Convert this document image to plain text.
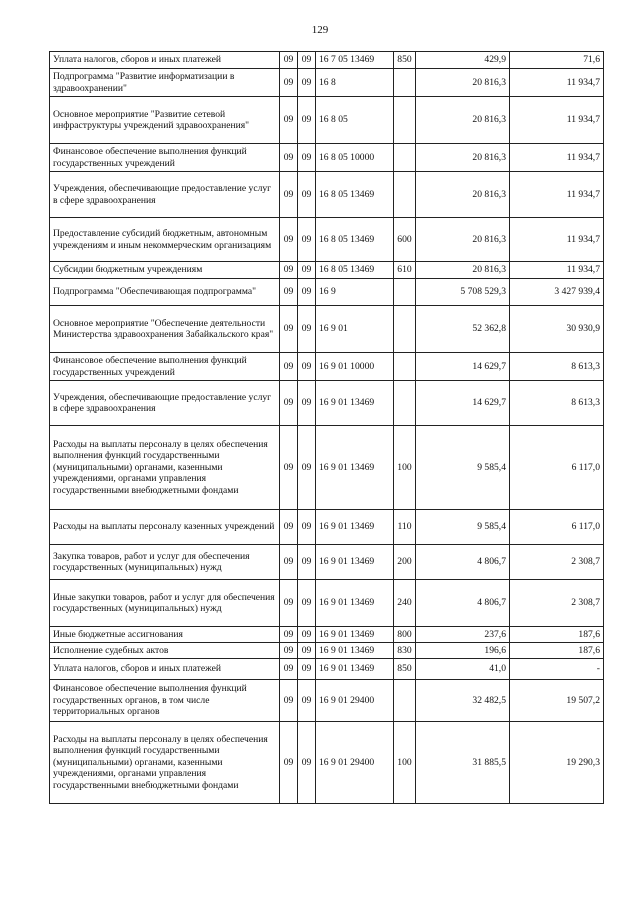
129
Уплата налогов, сборов и иных платежей	09	09	16 7 05 13469	850	429,9	71,6
Подпрограмма "Развитие информатизации в здравоохранении"	09	09	16 8		20 816,3	11 934,7
Основное мероприятие "Развитие сетевой инфраструктуры учреждений здравоохранения"	09	09	16 8 05		20 816,3	11 934,7
Финансовое обеспечение выполнения функций государственных учреждений	09	09	16 8 05 10000		20 816,3	11 934,7
Учреждения, обеспечивающие предоставление услуг в сфере здравоохранения	09	09	16 8 05 13469		20 816,3	11 934,7
Предоставление субсидий бюджетным, автономным учреждениям и иным некоммерческим организациям	09	09	16 8 05 13469	600	20 816,3	11 934,7
Субсидии бюджетным учреждениям	09	09	16 8 05 13469	610	20 816,3	11 934,7
Подпрограмма "Обеспечивающая подпрограмма"	09	09	16 9		5 708 529,3	3 427 939,4
Основное мероприятие "Обеспечение деятельности Министерства здравоохранения Забайкальского края"	09	09	16 9 01		52 362,8	30 930,9
Финансовое обеспечение выполнения функций государственных учреждений	09	09	16 9 01 10000		14 629,7	8 613,3
Учреждения, обеспечивающие предоставление услуг в сфере здравоохранения	09	09	16 9 01 13469		14 629,7	8 613,3
Расходы на выплаты персоналу в целях обеспечения выполнения функций государственными (муниципальными) органами, казенными учреждениями, органами управления государственными внебюджетными фондами	09	09	16 9 01 13469	100	9 585,4	6 117,0
Расходы на выплаты персоналу казенных учреждений	09	09	16 9 01 13469	110	9 585,4	6 117,0
Закупка товаров, работ и услуг для обеспечения государственных (муниципальных) нужд	09	09	16 9 01 13469	200	4 806,7	2 308,7
Иные закупки товаров, работ и услуг для обеспечения государственных (муниципальных) нужд	09	09	16 9 01 13469	240	4 806,7	2 308,7
Иные бюджетные ассигнования	09	09	16 9 01 13469	800	237,6	187,6
Исполнение судебных актов	09	09	16 9 01 13469	830	196,6	187,6
Уплата налогов, сборов и иных платежей	09	09	16 9 01 13469	850	41,0	-
Финансовое обеспечение выполнения функций государственных органов, в том числе территориальных органов	09	09	16 9 01 29400		32 482,5	19 507,2
Расходы на выплаты персоналу в целях обеспечения выполнения функций государственными (муниципальными) органами, казенными учреждениями, органами управления государственными внебюджетными фондами	09	09	16 9 01 29400	100	31 885,5	19 290,3
